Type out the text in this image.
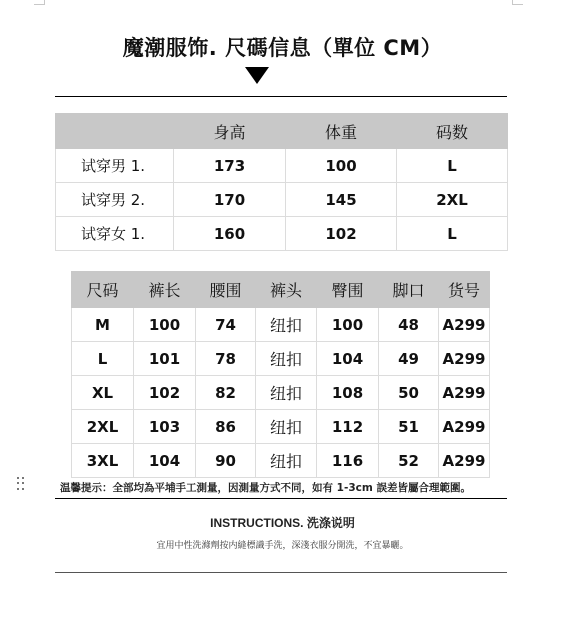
魔潮服饰. 尺碼信息（單位 CM）
	身高	体重	码数
试穿男 1.	173	100	L
试穿男 2.	170	145	2XL
试穿女 1.	160	102	L
尺码	裤长	腰围	裤头	臀围	脚口	货号
M	100	74	纽扣	100	48	A299
L	101	78	纽扣	104	49	A299
XL	102	82	纽扣	108	50	A299
2XL	103	86	纽扣	112	51	A299
3XL	104	90	纽扣	116	52	A299
温馨提示：全部均為平埔手工測量，因測量方式不同，如有 1-3cm 誤差皆屬合理範圍。
INSTRUCTIONS. 洗涤说明
宜用中性洗滌劑按内縫標識手洗，深淺衣服分開洗，不宜暴曬。
